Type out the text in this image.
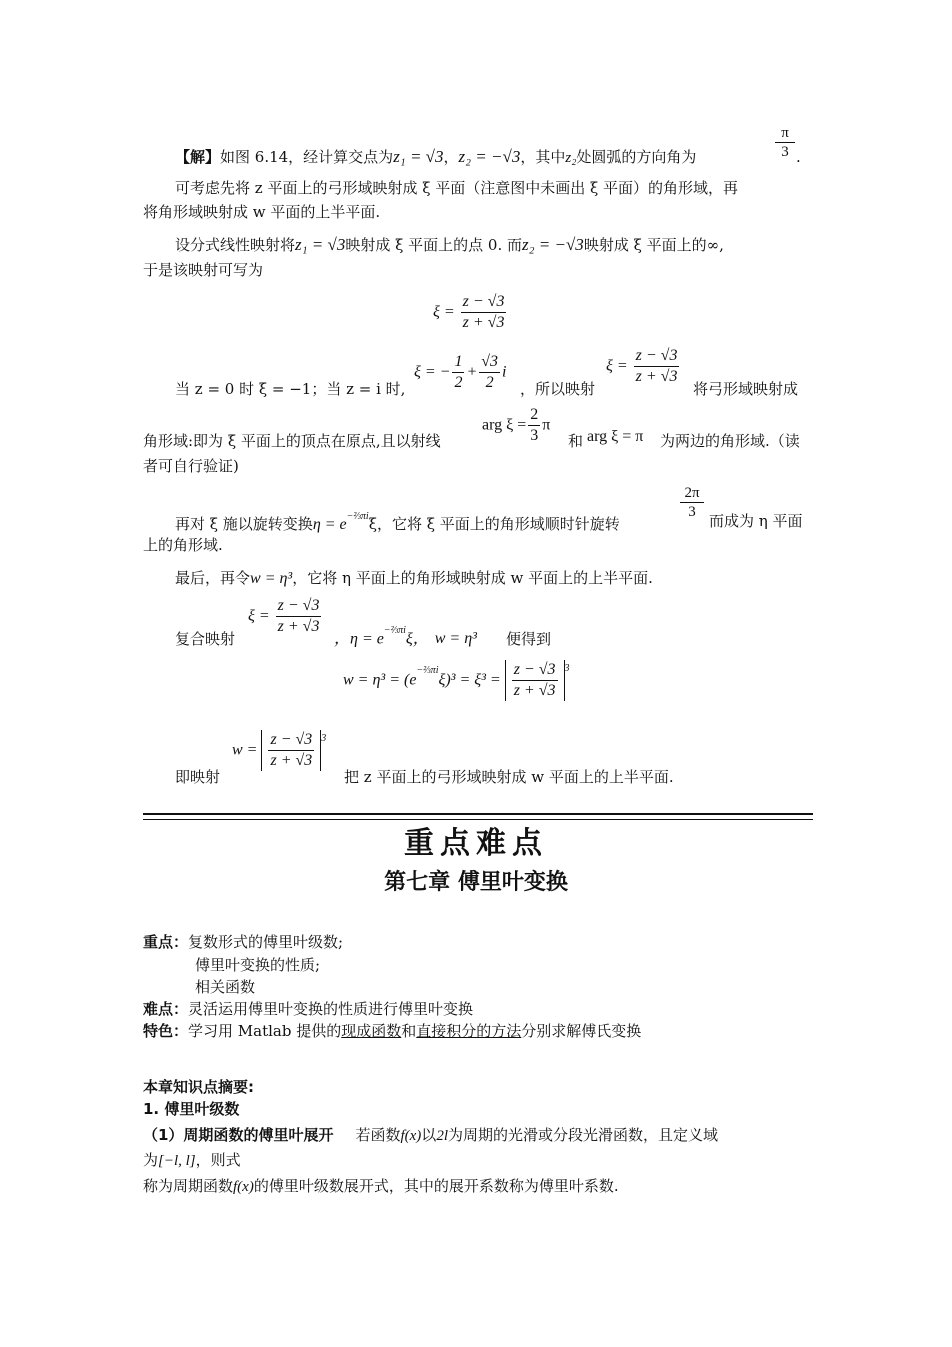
【解】如图 6.14，经计算交点为z₁ = √3，z₂ = −√3，其中z₂处圆弧的方向角为
π
3 .
可考虑先将 z 平面上的弓形域映射成 ξ 平面（注意图中未画出 ξ 平面）的角形域，再
将角形域映射成 w 平面的上半平面.
设分式线性映射将z₁ = √3映射成 ξ 平面上的点 0. 而z₂ = −√3映射成 ξ 平面上的∞,
于是该映射可写为
$\xi = \frac{z - √3}{z + √3}$
当 z = 0 时 ξ = −1；当 z = i 时,
ξ = − $\frac{1}{2} + \frac{√3}{2}$ i
，所以映射
$\xi = \frac{z - √3}{z + √3}$
将弓形域映射成
角形域:即为 ξ 平面上的顶点在原点,且以射线
arg $\xi = \frac{2}{3}$ π
和 arg ξ = π 为两边的角形域.（读
者可自行验证)
再对 ξ 施以旋转变换$\eta = e^{-\frac{2}{3}\pi i}\xi$，它将 ξ 平面上的角形域顺时针旋转
2π
3 而成为 η 平面
上的角形域.
最后，再令w = η³，它将 η 平面上的角形域映射成 w 平面上的上半平面.
复合映射
$\xi = \frac{z - √3}{z + √3}$
，$\eta = e^{-\frac{2}{3}\pi i}\xi$， w = η³ 便得到
$w = \eta^3 = (e^{-\frac{2}{3}\pi i}\xi)^3 = \xi^3 = \frac{z - √3}{z + √3} ^3$
即映射
$w = \frac{z - √3}{z + √3} ^3$
把 z 平面上的弓形域映射成 w 平面上的上半平面.
重点难点
第七章 傅里叶变换
重点：复数形式的傅里叶级数;
傅里叶变换的性质;
相关函数
难点：灵活运用傅里叶变换的性质进行傅里叶变换
特色：学习用 Matlab 提供的现成函数和直接积分的方法分别求解傅氏变换
本章知识点摘要:
1. 傅里叶级数
（1）周期函数的傅里叶展开 若函数f(x)以2l为周期的光滑或分段光滑函数，且定义域
为[−l, l]，则式
称为周期函数f(x)的傅里叶级数展开式，其中的展开系数称为傅里叶系数.
